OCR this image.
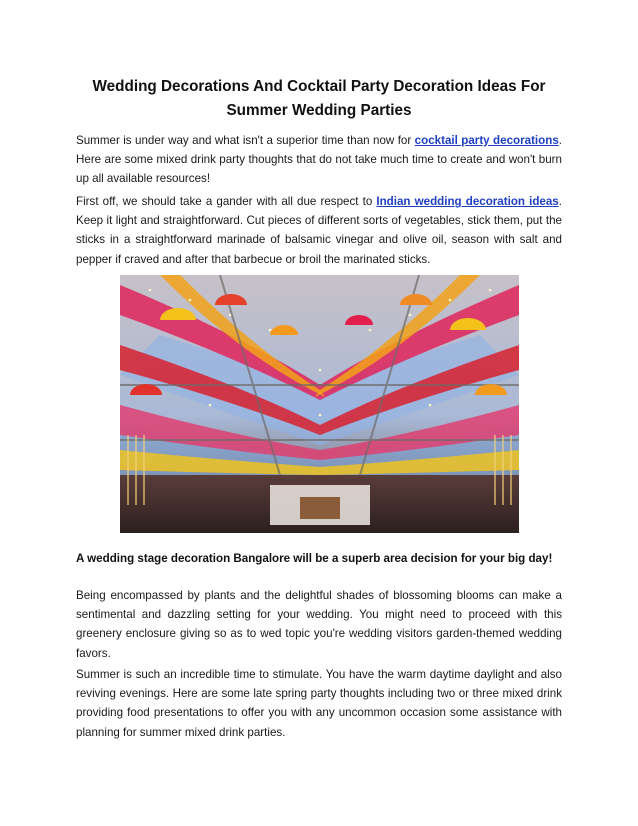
Wedding Decorations And Cocktail Party Decoration Ideas For Summer Wedding Parties

Summer is under way and what isn't a superior time than now for cocktail party decorations. Here are some mixed drink party thoughts that do not take much time to create and won't burn up all available resources!

First off, we should take a gander with all due respect to Indian wedding decoration ideas. Keep it light and straightforward. Cut pieces of different sorts of vegetables, stick them, put the sticks in a straightforward marinade of balsamic vinegar and olive oil, season with salt and pepper if craved and after that barbecue or broil the marinated sticks.

A wedding stage decoration Bangalore will be a superb area decision for your big day!

Being encompassed by plants and the delightful shades of blossoming blooms can make a sentimental and dazzling setting for your wedding. You might need to proceed with this greenery enclosure giving so as to wed topic you're wedding visitors garden-themed wedding favors.

Summer is such an incredible time to stimulate. You have the warm daytime daylight and also reviving evenings. Here are some late spring party thoughts including two or three mixed drink providing food presentations to offer you with any uncommon occasion some assistance with planning for summer mixed drink parties.
